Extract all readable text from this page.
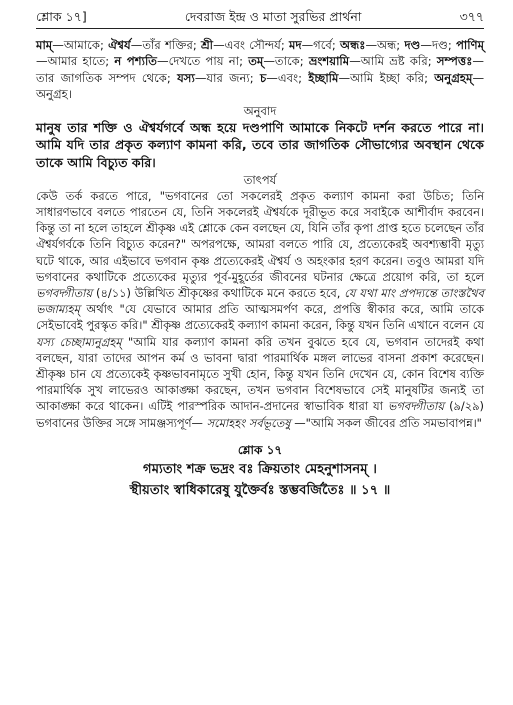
শ্লোক ১৭]	দেবরাজ ইন্দ্র ও মাতা সুরভির প্রার্থনা	৩৭৭
মাম্—আমাকে; ঐশ্বর্য—তাঁর শক্তির; শ্রী—এবং সৌন্দর্য; মদ—গর্বে; অন্ধঃ—অন্ধ; দণ্ড—দণ্ড; পাণিম্—আমার হাতে; ন পশ্যতি—দেখতে পায় না; তম্—তাকে; ভ্রংশয়ামি—আমি ভ্রষ্ট করি; সম্পত্তঃ—তার জাগতিক সম্পদ থেকে; যস্য—যার জন্য; চ—এবং; ইচ্ছামি—আমি ইচ্ছা করি; অনুগ্রহম্—অনুগ্রহ।
অনুবাদ
মানুষ তার শক্তি ও ঐশ্বর্যগর্বে অন্ধ হয়ে দণ্ডপাণি আমাকে নিকটে দর্শন করতে পারে না। আমি যদি তার প্রকৃত কল্যাণ কামনা করি, তবে তার জাগতিক সৌভাগ্যের অবস্থান থেকে তাকে আমি বিচ্যুত করি।
তাৎপর্য
কেউ তর্ক করতে পারে, "ভগবানের তো সকলেরই প্রকৃত কল্যাণ কামনা করা উচিত; তিনি সাধারণভাবে বলতে পারতেন যে, তিনি সকলেরই ঐশ্বর্যকে দূরীভূত করে সবাইকে আশীর্বাদ করবেন। কিন্তু তা না হলে তাহলে শ্রীকৃষ্ণ এই শ্লোকে কেন বলছেন যে, যিনি তাঁর কৃপা প্রাপ্ত হতে চলেছেন তাঁর ঐশ্বর্যগর্বকে তিনি বিচ্যুত করেন?" অপরপক্ষে, আমরা বলতে পারি যে, প্রত্যেকেরই অবশ্যম্ভাবী মৃত্যু ঘটে থাকে, আর এইভাবে ভগবান কৃষ্ণ প্রত্যেকেরই ঐশ্বর্য ও অহংকার হরণ করেন। তবুও আমরা যদি ভগবানের কথাটিকে প্রত্যেকের মৃত্যুর পূর্ব-মুহূর্তের জীবনের ঘটনার ক্ষেত্রে প্রয়োগ করি, তা হলে ভগবদ্গীতায় (৪/১১) উল্লিখিত শ্রীকৃষ্ণের কথাটিকে মনে করতে হবে, যে যথা মাং প্রপদ্যন্তে তাংস্তথৈব ভজাম্যহম্ অর্থাৎ "যে যেভাবে আমার প্রতি আত্মসমর্পণ করে, প্রপত্তি স্বীকার করে, আমি তাকে সেইভাবেই পুরস্কৃত করি।" শ্রীকৃষ্ণ প্রত্যেকেরই কল্যাণ কামনা করেন, কিন্তু যখন তিনি এখানে বলেন যে যস্য চেচ্ছাম্যনুগ্রহম্ "আমি যার কল্যাণ কামনা করি তখন বুঝতে হবে যে, ভগবান তাদেরই কথা বলছেন, যারা তাদের আপন কর্ম ও ভাবনা দ্বারা পারমার্থিক মঙ্গল লাভের বাসনা প্রকাশ করেছেন। শ্রীকৃষ্ণ চান যে প্রত্যেকেই কৃষ্ণভাবনামৃতে সুখী হোন, কিন্তু যখন তিনি দেখেন যে, কোন বিশেষ ব্যক্তি পারমার্থিক সুখ লাভেরও আকাঙ্ক্ষা করছেন, তখন ভগবান বিশেষভাবে সেই মানুষটির জন্যই তা আকাঙ্ক্ষা করে থাকেন। এটিই পারস্পরিক আদান-প্রদানের স্বাভাবিক ধারা যা ভগবদ্গীতায় (৯/২৯) ভগবানের উক্তির সঙ্গে সামঞ্জস্যপূর্ণ— সমোহহং সর্বভূতেষু —"আমি সকল জীবের প্রতি সমভাবাপন্ন।"
শ্লোক ১৭
গম্যতাং শক্র ভদ্রং বঃ ক্রিয়তাং মেহনুশাসনম্ ।
স্থীয়তাং স্বাধিকারেষু যুক্তৈর্বঃ স্তম্ভবর্জিতৈঃ ॥ ১৭ ॥
